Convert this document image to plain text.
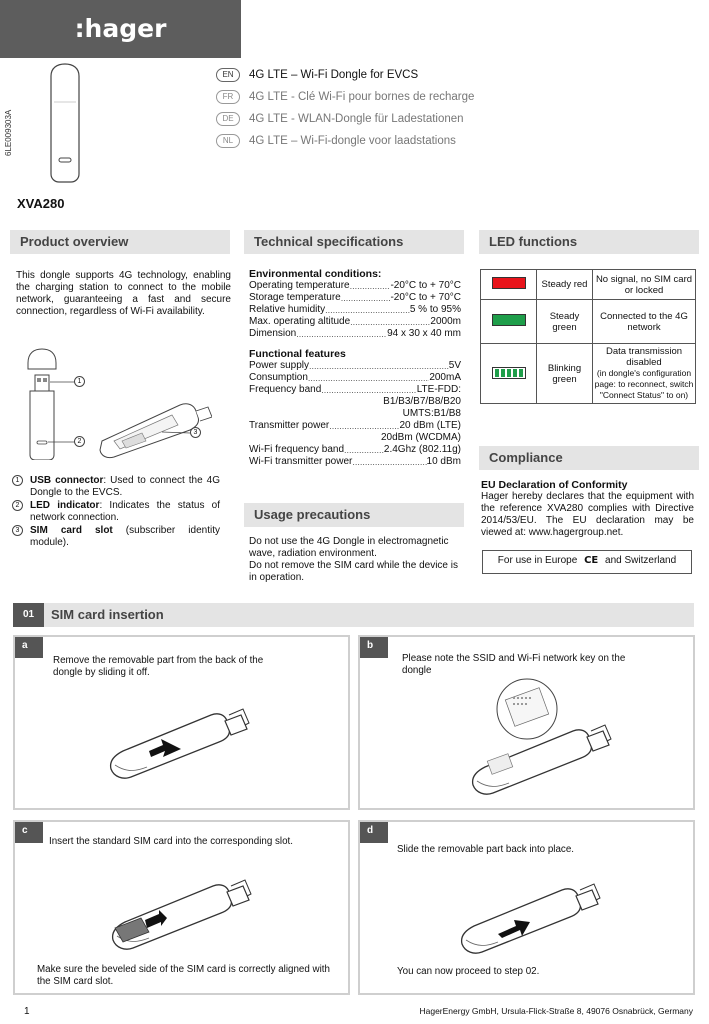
:hager
6LE009303A
EN	4G LTE – Wi-Fi Dongle for EVCS
FR	4G LTE - Clé Wi-Fi pour bornes de recharge
DE	4G LTE - WLAN-Dongle für Ladestationen
NL	4G LTE – Wi-Fi-dongle voor laadstations
XVA280
Product overview
This dongle supports 4G technology, enabling the charging station to connect to the mobile network, guaranteeing a fast and secure connection, regardless of Wi-Fi availability.
1
2
3
1	USB connector: Used to connect the 4G Dongle to the EVCS.
2	LED indicator: Indicates the status of network connection.
3	SIM card slot (subscriber identity module).
Technical specifications
Environmental conditions:
Operating temperature .....	-20°C to + 70°C
Storage temperature .....	-20°C to + 70°C
Relative humidity .....	5 % to 95%
Max. operating altitude .....	2000m
Dimension .....	94 x 30 x 40 mm
Functional features
Power supply .....	5V
Consumption .....	200mA
Frequency band .....	LTE-FDD:
B1/B3/B7/B8/B20
UMTS:B1/B8
Transmitter power .....	20 dBm (LTE)
20dBm (WCDMA)
Wi-Fi frequency band .....	2.4Ghz (802.11g)
Wi-Fi transmitter power .....	10 dBm
Usage precautions
Do not use the 4G Dongle in electromagnetic wave, radiation environment.
Do not remove the SIM card while the device is in operation.
LED functions
	Steady red	No signal, no SIM card or locked
	Steady green	Connected to the 4G network

	Blinking green	Data transmission disabled
(in dongle's configuration page: to reconnect, switch "Connect Status" to on)
Compliance
EU Declaration of Conformity
Hager hereby declares that the equipment with the reference XVA280 complies with Directive 2014/53/EU. The EU declaration may be viewed at: www.hagergroup.net.
For use in Europe CE and Switzerland
01	SIM card insertion
a
Remove the removable part from the back of the dongle by sliding it off.
b
Please note the SSID and Wi-Fi network key on the dongle
c
Insert the standard SIM card into the corresponding slot.
Make sure the beveled side of the SIM card is correctly aligned with the SIM card slot.
d
Slide the removable part back into place.
You can now proceed to step 02.
1	HagerEnergy GmbH, Ursula-Flick-Straße 8, 49076 Osnabrück, Germany
